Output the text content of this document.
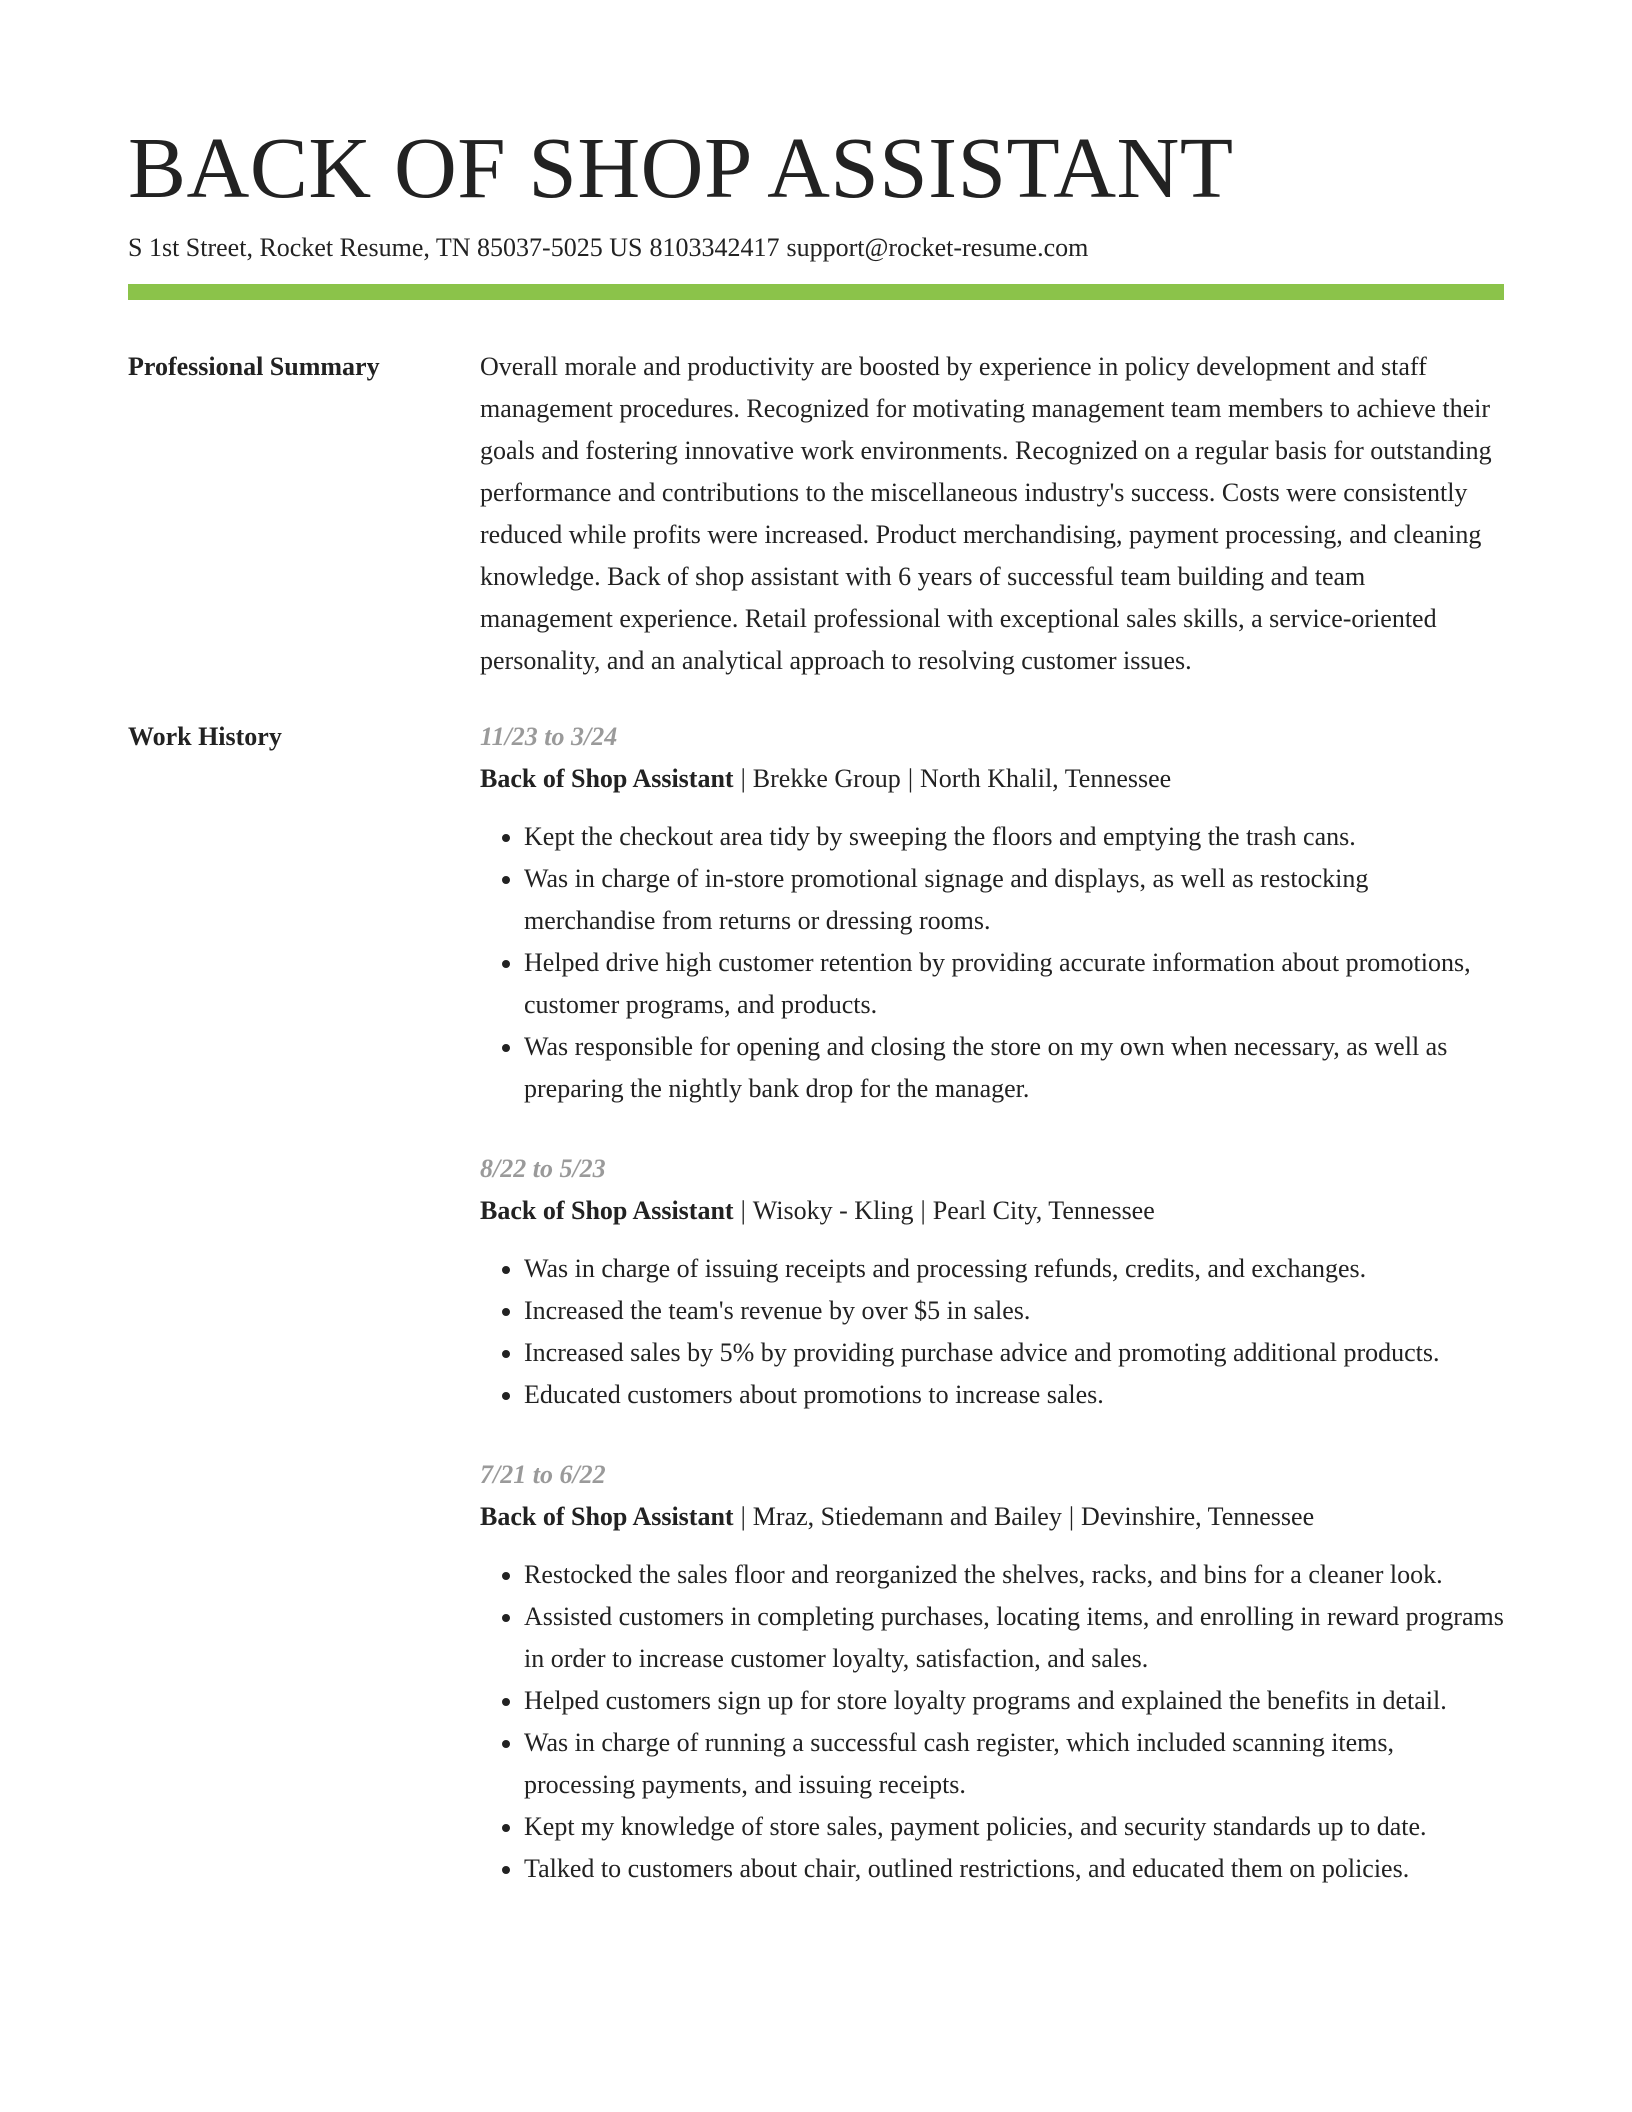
BACK OF SHOP ASSISTANT
S 1st Street, Rocket Resume, TN 85037-5025 US 8103342417 support@rocket-resume.com
Professional Summary	Overall morale and productivity are boosted by experience in policy development and staff management procedures. Recognized for motivating management team members to achieve their goals and fostering innovative work environments. Recognized on a regular basis for outstanding performance and contributions to the miscellaneous industry's success. Costs were consistently reduced while profits were increased. Product merchandising, payment processing, and cleaning knowledge. Back of shop assistant with 6 years of successful team building and team management experience. Retail professional with exceptional sales skills, a service-oriented personality, and an analytical approach to resolving customer issues.

Work History	11/23 to 3/24
Back of Shop Assistant | Brekke Group | North Khalil, Tennessee
• Kept the checkout area tidy by sweeping the floors and emptying the trash cans.
• Was in charge of in-store promotional signage and displays, as well as restocking merchandise from returns or dressing rooms.
• Helped drive high customer retention by providing accurate information about promotions, customer programs, and products.
• Was responsible for opening and closing the store on my own when necessary, as well as preparing the nightly bank drop for the manager.
8/22 to 5/23
Back of Shop Assistant | Wisoky - Kling | Pearl City, Tennessee
• Was in charge of issuing receipts and processing refunds, credits, and exchanges.
• Increased the team's revenue by over $5 in sales.
• Increased sales by 5% by providing purchase advice and promoting additional products.
• Educated customers about promotions to increase sales.
7/21 to 6/22
Back of Shop Assistant | Mraz, Stiedemann and Bailey | Devinshire, Tennessee
• Restocked the sales floor and reorganized the shelves, racks, and bins for a cleaner look.
• Assisted customers in completing purchases, locating items, and enrolling in reward programs in order to increase customer loyalty, satisfaction, and sales.
• Helped customers sign up for store loyalty programs and explained the benefits in detail.
• Was in charge of running a successful cash register, which included scanning items, processing payments, and issuing receipts.
• Kept my knowledge of store sales, payment policies, and security standards up to date.
• Talked to customers about chair, outlined restrictions, and educated them on policies.
